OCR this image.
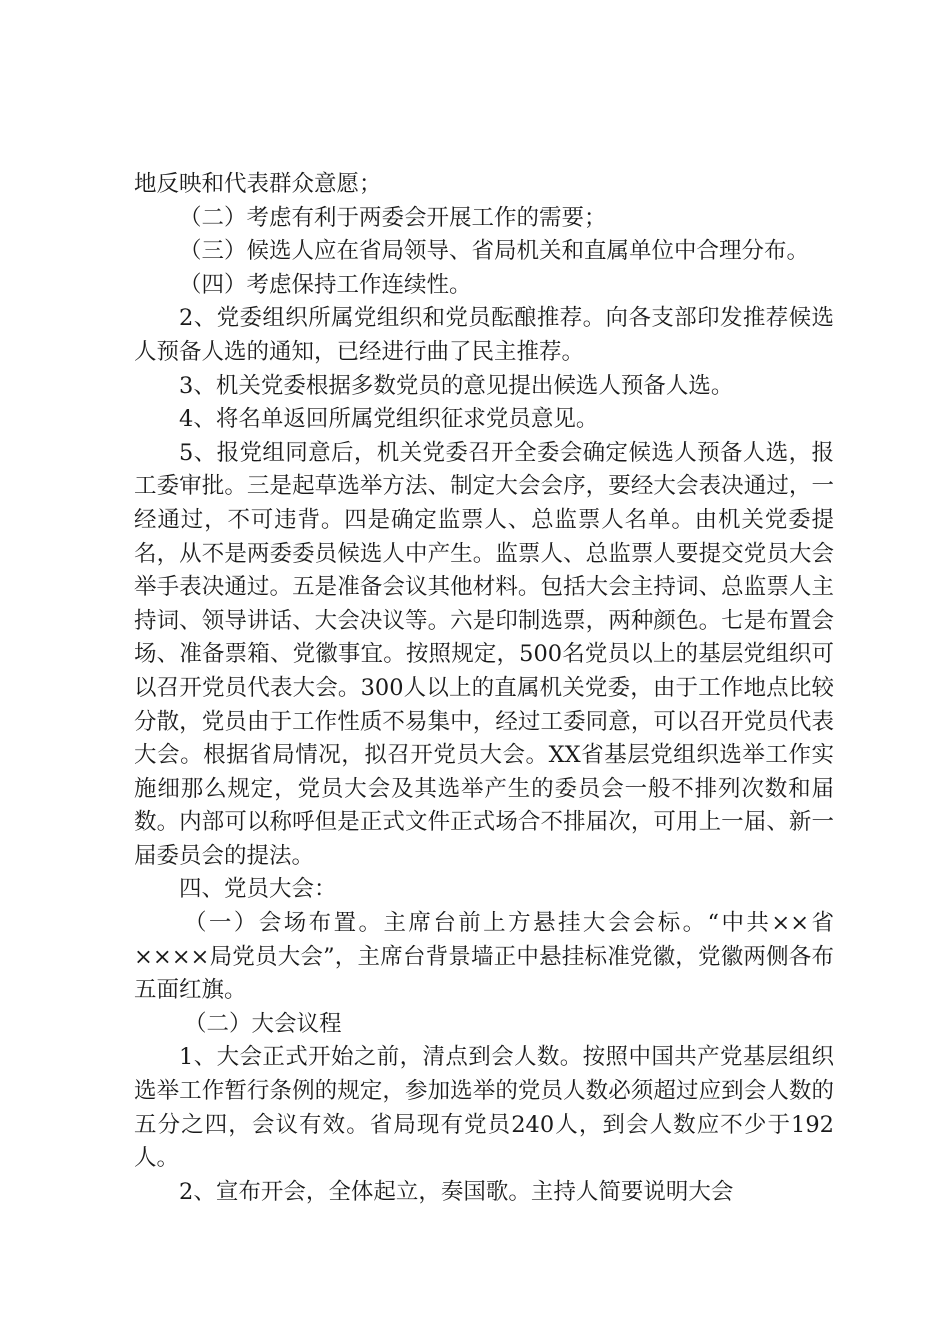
地反映和代表群众意愿；

（二）考虑有利于两委会开展工作的需要；

（三）候选人应在省局领导、省局机关和直属单位中合理分布。

（四）考虑保持工作连续性。

2、党委组织所属党组织和党员酝酿推荐。向各支部印发推荐候选人预备人选的通知，已经进行曲了民主推荐。

3、机关党委根据多数党员的意见提出候选人预备人选。

4、将名单返回所属党组织征求党员意见。

5、报党组同意后，机关党委召开全委会确定候选人预备人选，报工委审批。三是起草选举方法、制定大会会序，要经大会表决通过，一经通过，不可违背。四是确定监票人、总监票人名单。由机关党委提名，从不是两委委员候选人中产生。监票人、总监票人要提交党员大会举手表决通过。五是准备会议其他材料。包括大会主持词、总监票人主持词、领导讲话、大会决议等。六是印制选票，两种颜色。七是布置会场、准备票箱、党徽事宜。按照规定，500名党员以上的基层党组织可以召开党员代表大会。300人以上的直属机关党委，由于工作地点比较分散，党员由于工作性质不易集中，经过工委同意，可以召开党员代表大会。根据省局情况，拟召开党员大会。XX省基层党组织选举工作实施细那么规定，党员大会及其选举产生的委员会一般不排列次数和届数。内部可以称呼但是正式文件正式场合不排届次，可用上一届、新一届委员会的提法。

四、党员大会：

（一）会场布置。主席台前上方悬挂大会会标。“中共××省××××局党员大会”，主席台背景墙正中悬挂标准党徽，党徽两侧各布五面红旗。

（二）大会议程

1、大会正式开始之前，清点到会人数。按照中国共产党基层组织选举工作暂行条例的规定，参加选举的党员人数必须超过应到会人数的五分之四，会议有效。省局现有党员240人，到会人数应不少于192人。

2、宣布开会，全体起立，奏国歌。主持人简要说明大会
